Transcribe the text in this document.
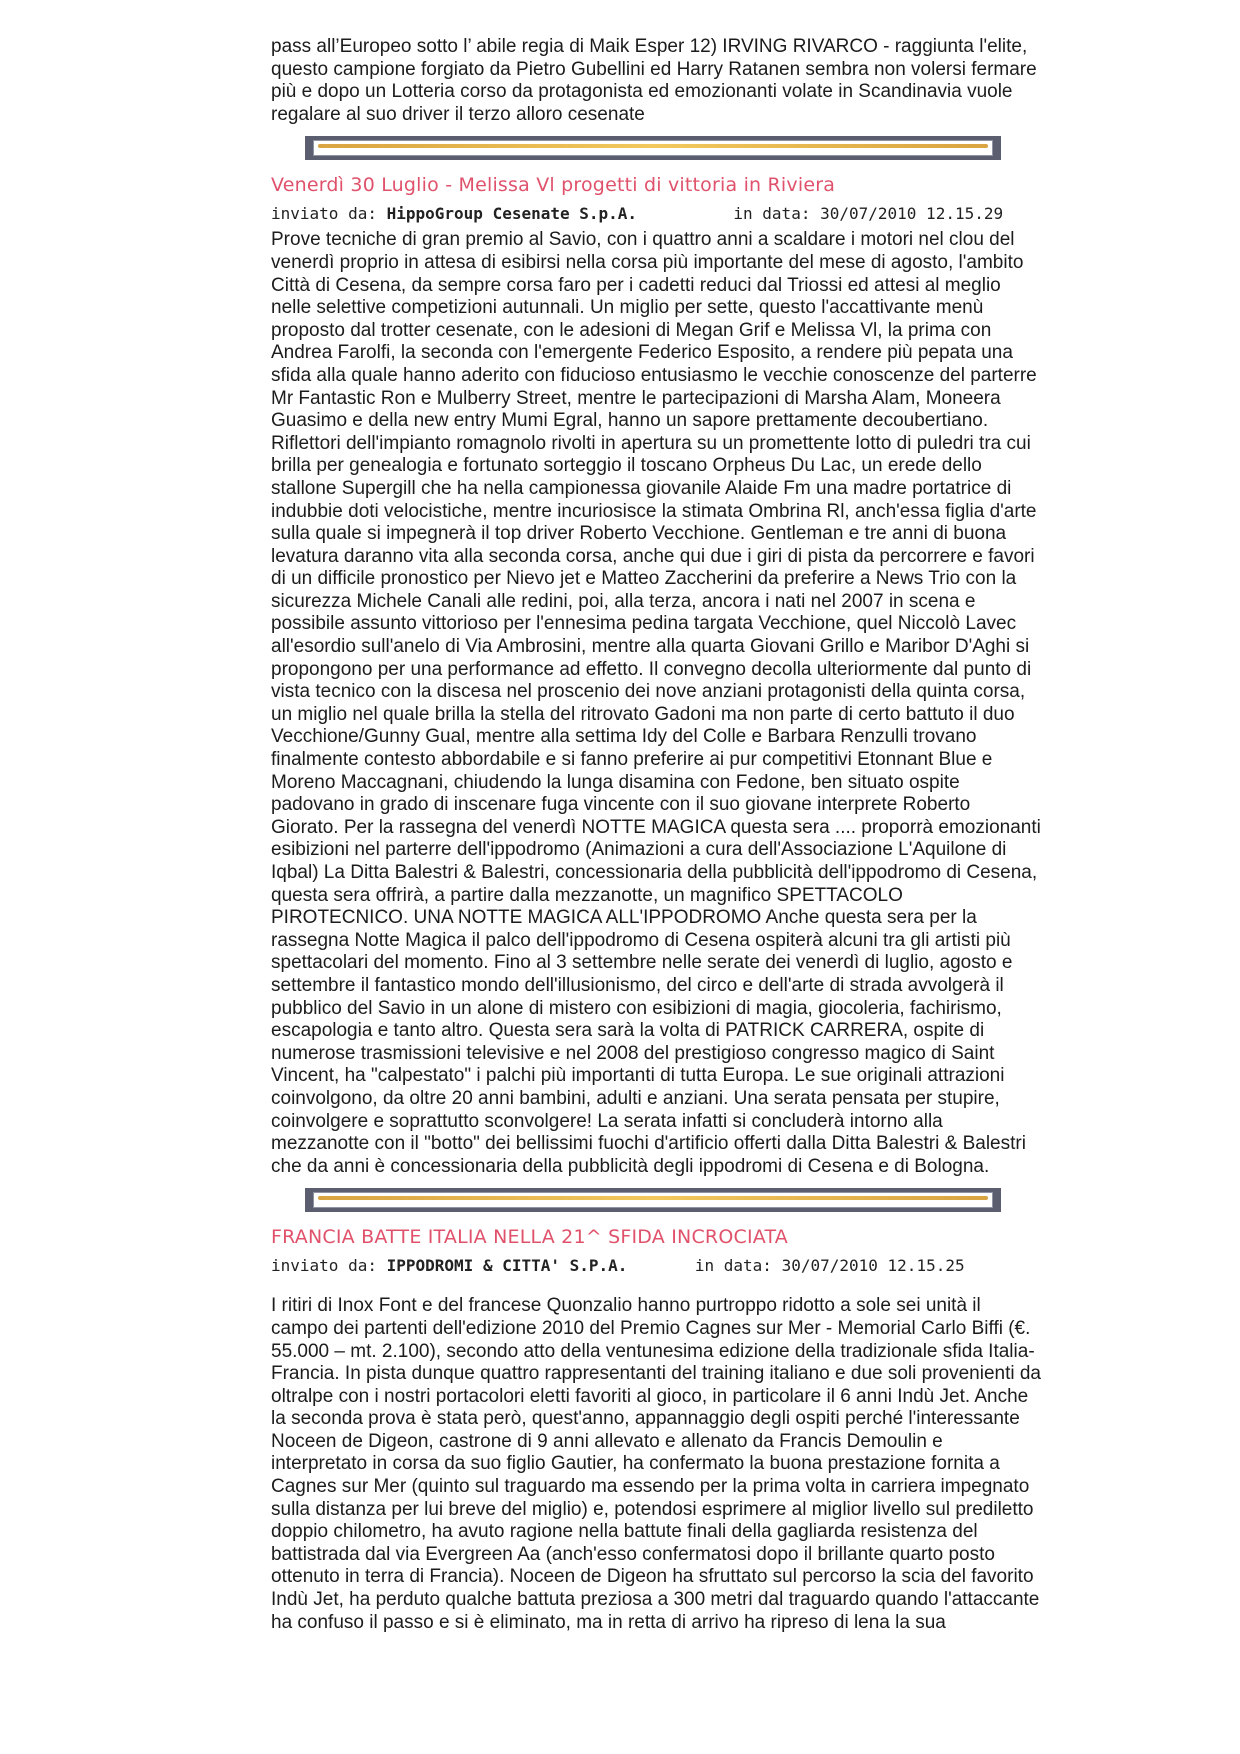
pass all’Europeo sotto l’ abile regia di Maik Esper 12) IRVING RIVARCO - raggiunta l'elite, questo campione forgiato da Pietro Gubellini ed Harry Ratanen sembra non volersi fermare più e dopo un Lotteria corso da protagonista ed emozionanti volate in Scandinavia vuole regalare al suo driver il terzo alloro cesenate

Venerdì 30 Luglio - Melissa Vl progetti di vittoria in Riviera
inviato da: HippoGroup Cesenate S.p.A.	in data: 30/07/2010 12.15.29

Prove tecniche di gran premio al Savio, con i quattro anni a scaldare i motori nel clou del venerdì proprio in attesa di esibirsi nella corsa più importante del mese di agosto, l'ambito Città di Cesena, da sempre corsa faro per i cadetti reduci dal Triossi ed attesi al meglio nelle selettive competizioni autunnali. Un miglio per sette, questo l'accattivante menù proposto dal trotter cesenate, con le adesioni di Megan Grif e Melissa Vl, la prima con Andrea Farolfi, la seconda con l'emergente Federico Esposito, a rendere più pepata una sfida alla quale hanno aderito con fiducioso entusiasmo le vecchie conoscenze del parterre Mr Fantastic Ron e Mulberry Street, mentre le partecipazioni di Marsha Alam, Moneera Guasimo e della new entry Mumi Egral, hanno un sapore prettamente decoubertiano. Riflettori dell'impianto romagnolo rivolti in apertura su un promettente lotto di puledri tra cui brilla per genealogia e fortunato sorteggio il toscano Orpheus Du Lac, un erede dello stallone Supergill che ha nella campionessa giovanile Alaide Fm una madre portatrice di indubbie doti velocistiche, mentre incuriosisce la stimata Ombrina Rl, anch'essa figlia d'arte sulla quale si impegnerà il top driver Roberto Vecchione. Gentleman e tre anni di buona levatura daranno vita alla seconda corsa, anche qui due i giri di pista da percorrere e favori di un difficile pronostico per Nievo jet e Matteo Zaccherini da preferire a News Trio con la sicurezza Michele Canali alle redini, poi, alla terza, ancora i nati nel 2007 in scena e possibile assunto vittorioso per l'ennesima pedina targata Vecchione, quel Niccolò Lavec all'esordio sull'anelo di Via Ambrosini, mentre alla quarta Giovani Grillo e Maribor D'Aghi si propongono per una performance ad effetto. Il convegno decolla ulteriormente dal punto di vista tecnico con la discesa nel proscenio dei nove anziani protagonisti della quinta corsa, un miglio nel quale brilla la stella del ritrovato Gadoni ma non parte di certo battuto il duo Vecchione/Gunny Gual, mentre alla settima Idy del Colle e Barbara Renzulli trovano finalmente contesto abbordabile e si fanno preferire ai pur competitivi Etonnant Blue e Moreno Maccagnani, chiudendo la lunga disamina con Fedone, ben situato ospite padovano in grado di inscenare fuga vincente con il suo giovane interprete Roberto Giorato. Per la rassegna del venerdì NOTTE MAGICA questa sera .... proporrà emozionanti esibizioni nel parterre dell'ippodromo (Animazioni a cura dell'Associazione L'Aquilone di Iqbal) La Ditta Balestri & Balestri, concessionaria della pubblicità dell'ippodromo di Cesena, questa sera offrirà, a partire dalla mezzanotte, un magnifico SPETTACOLO PIROTECNICO. UNA NOTTE MAGICA ALL'IPPODROMO Anche questa sera per la rassegna Notte Magica il palco dell'ippodromo di Cesena ospiterà alcuni tra gli artisti più spettacolari del momento. Fino al 3 settembre nelle serate dei venerdì di luglio, agosto e settembre il fantastico mondo dell'illusionismo, del circo e dell'arte di strada avvolgerà il pubblico del Savio in un alone di mistero con esibizioni di magia, giocoleria, fachirismo, escapologia e tanto altro. Questa sera sarà la volta di PATRICK CARRERA, ospite di numerose trasmissioni televisive e nel 2008 del prestigioso congresso magico di Saint Vincent, ha "calpestato" i palchi più importanti di tutta Europa. Le sue originali attrazioni coinvolgono, da oltre 20 anni bambini, adulti e anziani. Una serata pensata per stupire, coinvolgere e soprattutto sconvolgere! La serata infatti si concluderà intorno alla mezzanotte con il "botto" dei bellissimi fuochi d'artificio offerti dalla Ditta Balestri & Balestri che da anni è concessionaria della pubblicità degli ippodromi di Cesena e di Bologna.

FRANCIA BATTE ITALIA NELLA 21^ SFIDA INCROCIATA
inviato da: IPPODROMI & CITTA' S.P.A.	in data: 30/07/2010 12.15.25

I ritiri di Inox Font e del francese Quonzalio hanno purtroppo ridotto a sole sei unità il campo dei partenti dell'edizione 2010 del Premio Cagnes sur Mer - Memorial Carlo Biffi (€. 55.000 – mt. 2.100), secondo atto della ventunesima edizione della tradizionale sfida Italia-Francia. In pista dunque quattro rappresentanti del training italiano e due soli provenienti da oltralpe con i nostri portacolori eletti favoriti al gioco, in particolare il 6 anni Indù Jet. Anche la seconda prova è stata però, quest'anno, appannaggio degli ospiti perché l'interessante Noceen de Digeon, castrone di 9 anni allevato e allenato da Francis Demoulin e interpretato in corsa da suo figlio Gautier, ha confermato la buona prestazione fornita a Cagnes sur Mer (quinto sul traguardo ma essendo per la prima volta in carriera impegnato sulla distanza per lui breve del miglio) e, potendosi esprimere al miglior livello sul prediletto doppio chilometro, ha avuto ragione nella battute finali della gagliarda resistenza del battistrada dal via Evergreen Aa (anch'esso confermatosi dopo il brillante quarto posto ottenuto in terra di Francia). Noceen de Digeon ha sfruttato sul percorso la scia del favorito Indù Jet, ha perduto qualche battuta preziosa a 300 metri dal traguardo quando l'attaccante ha confuso il passo e si è eliminato, ma in retta di arrivo ha ripreso di lena la sua
